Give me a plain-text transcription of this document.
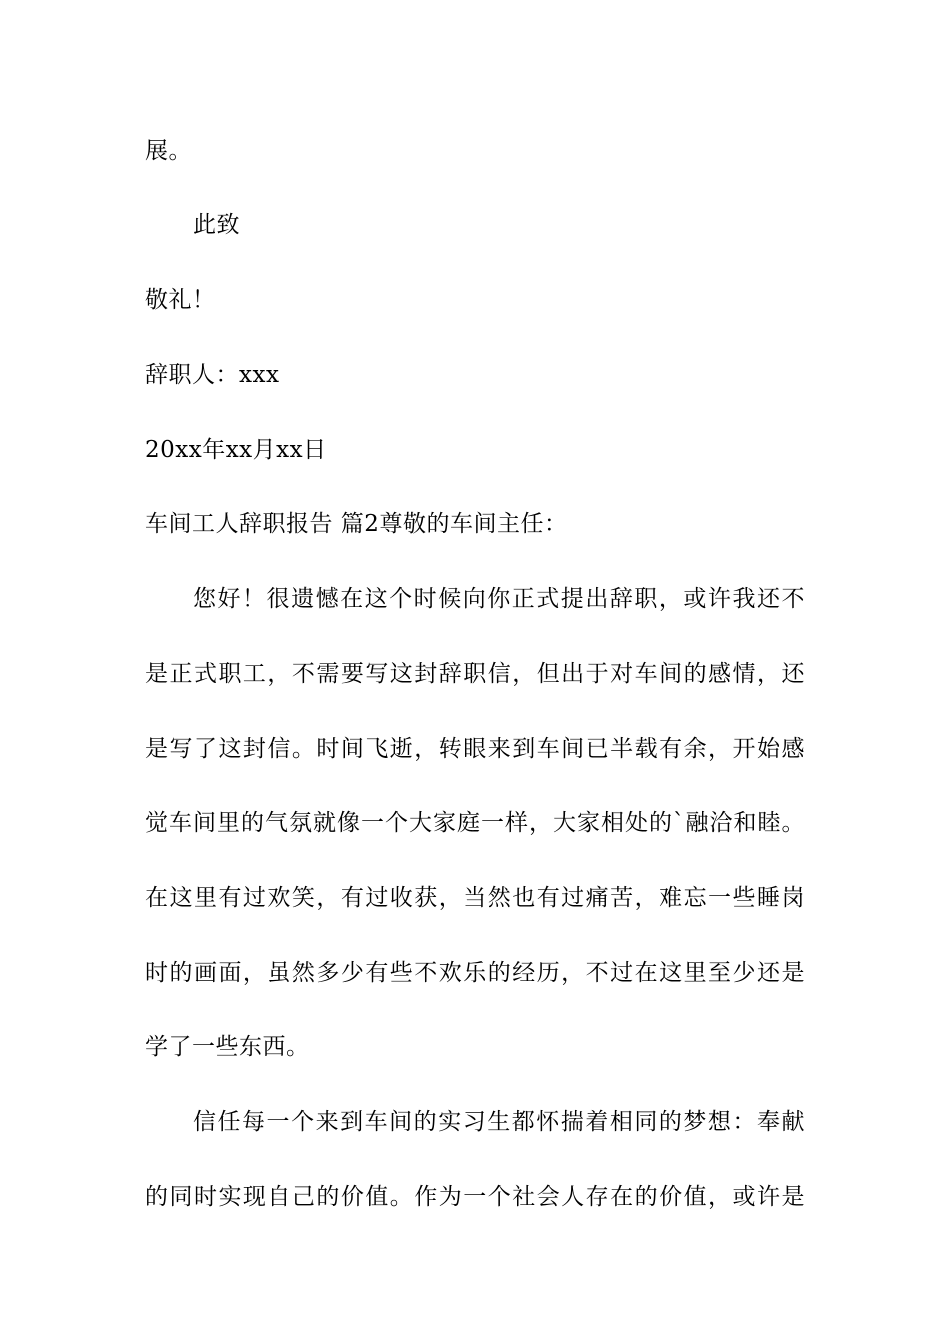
展。
此致
敬礼！
辞职人：xxx
20xx年xx月xx日
车间工人辞职报告 篇2尊敬的车间主任：
您好！很遗憾在这个时候向你正式提出辞职，或许我还不
是正式职工，不需要写这封辞职信，但出于对车间的感情，还
是写了这封信。时间飞逝，转眼来到车间已半载有余，开始感
觉车间里的气氛就像一个大家庭一样，大家相处的`融洽和睦。
在这里有过欢笑，有过收获，当然也有过痛苦，难忘一些睡岗
时的画面，虽然多少有些不欢乐的经历，不过在这里至少还是
学了一些东西。
信任每一个来到车间的实习生都怀揣着相同的梦想：奉献
的同时实现自己的价值。作为一个社会人存在的价值，或许是
